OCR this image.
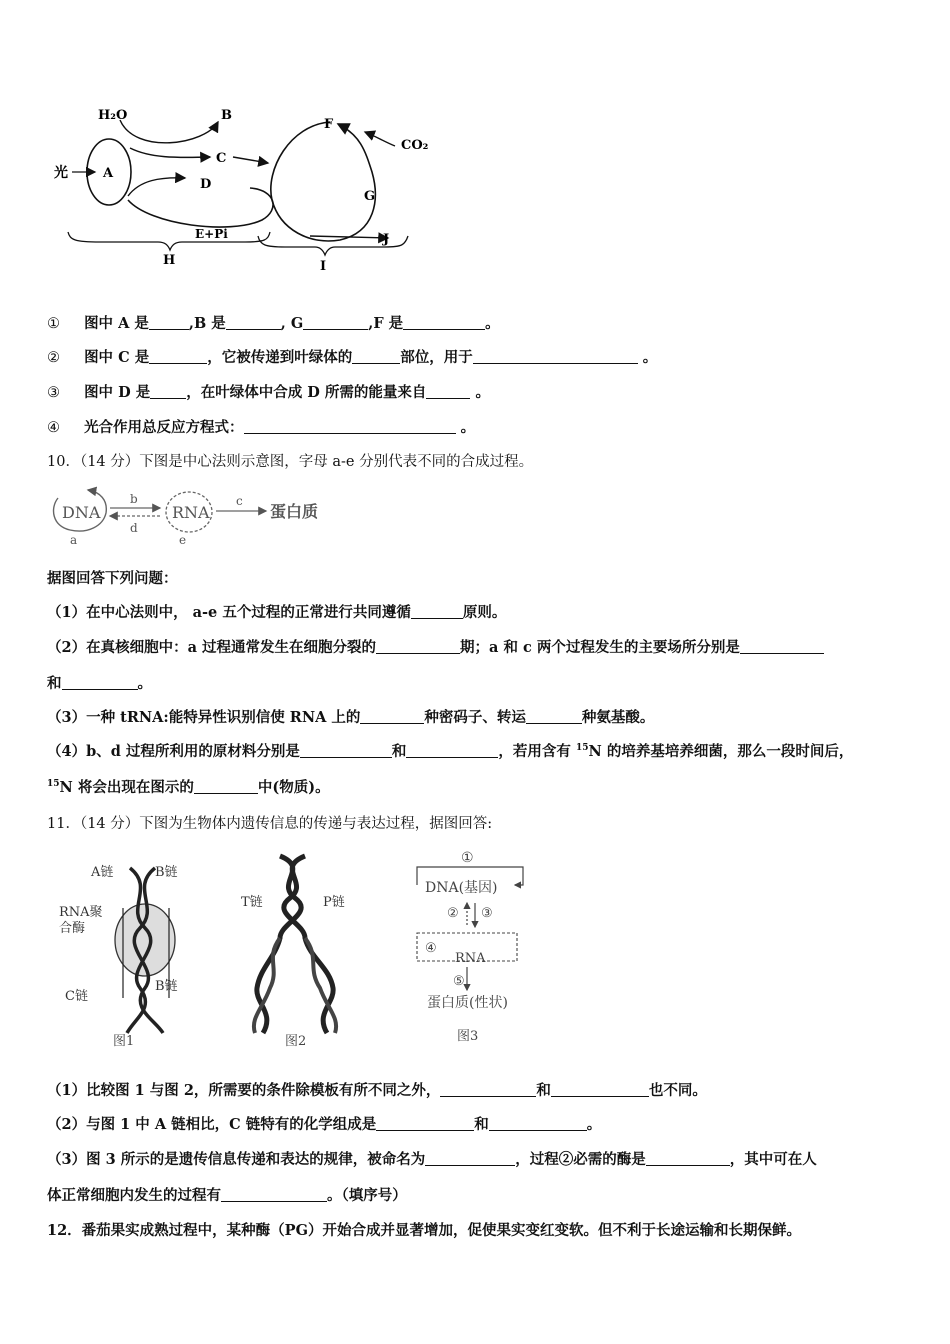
H₂O	B
光	A
C
D
E+Pi
F
CO₂
G
J
H	I
① 图中 A 是	,B 是	, G	,F 是	。
② 图中 C 是	，它被传递到叶绿体的	部位，用于	。
③ 图中 D 是 ，在叶绿体中合成 D 所需的能量来自	。
④ 光合作用总反应方程式：	。
10．（14 分）下图是中心法则示意图，字母 a-e 分别代表不同的合成过程。
DNA
a
b
d
RNA
e
c
蛋白质
据图回答下列问题：
（1）在中心法则中， a-e 五个过程的正常进行共同遵循	原则。
（2）在真核细胞中：a 过程通常发生在细胞分裂的	期；a 和 c 两个过程发生的主要场所分别是
和	。
（3）一种 tRNA:能特异性识别信使 RNA 上的	种密码子、转运	种氨基酸。
（4）b、d 过程所利用的原材料分别是	和	，若用含有 $^{15}$N 的培养基培养细菌，那么一段时间后，
$^{15}$N 将会出现在图示的	中(物质)。
11．（14 分）下图为生物体内遗传信息的传递与表达过程，据图回答:
A链	B链
RNA聚
合酶
C链
B链
图1
T链	P链
图2
①
DNA(基因)
② ③
④
RNA
⑤
蛋白质(性状)
图3
（1）比较图 1 与图 2，所需要的条件除模板有所不同之外，	和	也不同。
（2）与图 1 中 A 链相比，C 链特有的化学组成是	和	。
（3）图 3 所示的是遗传信息传递和表达的规律，被命名为	，过程②必需的酶是	，其中可在人
体正常细胞内发生的过程有	。（填序号）
12．番茄果实成熟过程中，某种酶（PG）开始合成并显著增加，促使果实变红变软。但不利于长途运输和长期保鲜。
